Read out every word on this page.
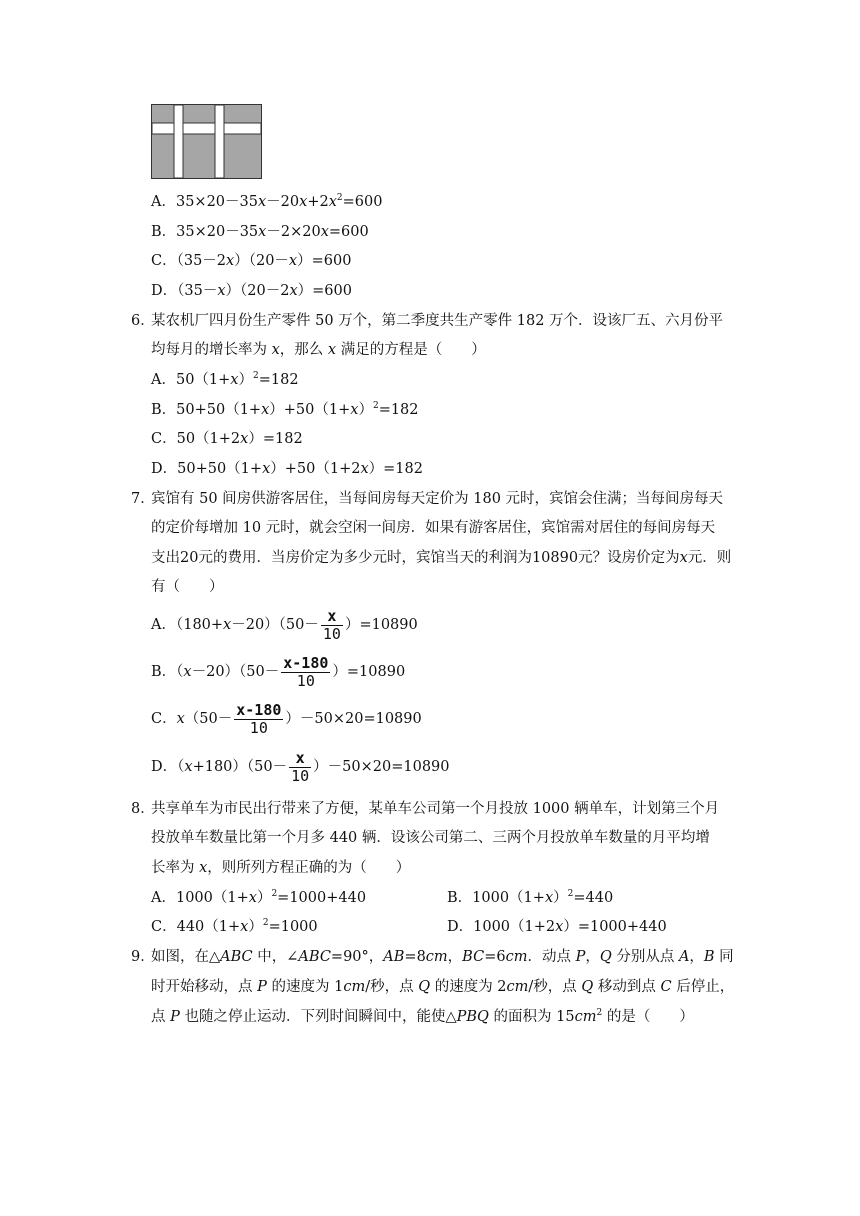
A．$35\times 20-35x-20x+2x^2=600$
B．35×20－35x－2×20x=600
C．（35－2x）（20－x）=600
D．（35－x）（20－2x）=600
6．
某农机厂四月份生产零件 50 万个，第二季度共生产零件 182 万个．设该厂五、六月份平
均每月的增长率为 x，那么 x 满足的方程是（　　）
A．$50(1+x)^2=182$
B．$50+50(1+x)+50(1+x)^2=182$
C．50（1+2x）=182
D．50+50（1+x）+50（1+2x）=182
7．
宾馆有 50 间房供游客居住，当每间房每天定价为 180 元时，宾馆会住满；当每间房每天
的定价每增加 10 元时，就会空闲一间房．如果有游客居住，宾馆需对居住的每间房每天
支出20元的费用．当房价定为多少元时，宾馆当天的利润为10890元？设房价定为x元．则
有（　　）
A．$(180+x-20)(50- \frac{x}{10} )=10890$
B．$(x-20)(50- \frac{x-180}{10} )=10890$
C．$x(50- \frac{x-180}{10} )-50\times 20=10890$
D．$(x+180)(50- \frac{x}{10} )-50\times 20=10890$
8．
共享单车为市民出行带来了方便，某单车公司第一个月投放 1000 辆单车，计划第三个月
投放单车数量比第一个月多 440 辆．设该公司第二、三两个月投放单车数量的月平均增
长率为 x，则所列方程正确的为（　　）
A．$1000(1+x)^2=1000+440$	B．$1000(1+x)^2=440$
C．$440(1+x)^2=1000$	D．1000（1+2x）=1000+440
9．
如图，在△ABC 中，∠ABC=90°，AB=8cm，BC=6cm．动点 P，Q 分别从点 A，B 同
时开始移动，点 P 的速度为 1cm/秒，点 Q 的速度为 2cm/秒，点 Q 移动到点 C 后停止，
点 P 也随之停止运动．下列时间瞬间中，能使△PBQ 的面积为 $15cm^2$ 的是（　　）
